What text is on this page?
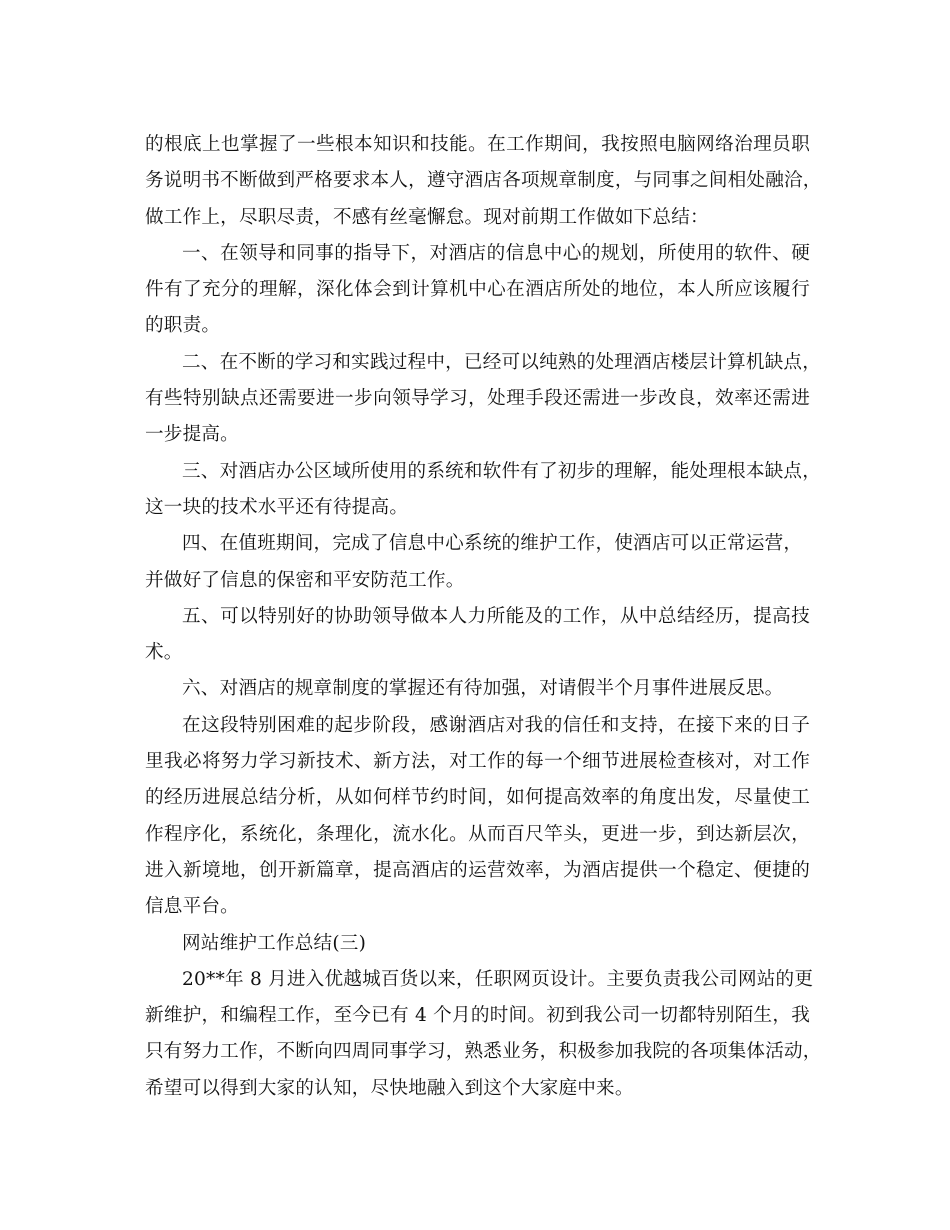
的根底上也掌握了一些根本知识和技能。在工作期间，我按照电脑网络治理员职
务说明书不断做到严格要求本人，遵守酒店各项规章制度，与同事之间相处融洽，
做工作上，尽职尽责，不感有丝毫懈怠。现对前期工作做如下总结：
一、在领导和同事的指导下，对酒店的信息中心的规划，所使用的软件、硬
件有了充分的理解，深化体会到计算机中心在酒店所处的地位，本人所应该履行
的职责。
二、在不断的学习和实践过程中，已经可以纯熟的处理酒店楼层计算机缺点，
有些特别缺点还需要进一步向领导学习，处理手段还需进一步改良，效率还需进
一步提高。
三、对酒店办公区域所使用的系统和软件有了初步的理解，能处理根本缺点，
这一块的技术水平还有待提高。
四、在值班期间，完成了信息中心系统的维护工作，使酒店可以正常运营，
并做好了信息的保密和平安防范工作。
五、可以特别好的协助领导做本人力所能及的工作，从中总结经历，提高技
术。
六、对酒店的规章制度的掌握还有待加强，对请假半个月事件进展反思。
在这段特别困难的起步阶段，感谢酒店对我的信任和支持，在接下来的日子
里我必将努力学习新技术、新方法，对工作的每一个细节进展检查核对，对工作
的经历进展总结分析，从如何样节约时间，如何提高效率的角度出发，尽量使工
作程序化，系统化，条理化，流水化。从而百尺竿头，更进一步，到达新层次，
进入新境地，创开新篇章，提高酒店的运营效率，为酒店提供一个稳定、便捷的
信息平台。
网站维护工作总结(三)
20**年 8 月进入优越城百货以来，任职网页设计。主要负责我公司网站的更
新维护，和编程工作，至今已有 4 个月的时间。初到我公司一切都特别陌生，我
只有努力工作，不断向四周同事学习，熟悉业务，积极参加我院的各项集体活动，
希望可以得到大家的认知，尽快地融入到这个大家庭中来。
